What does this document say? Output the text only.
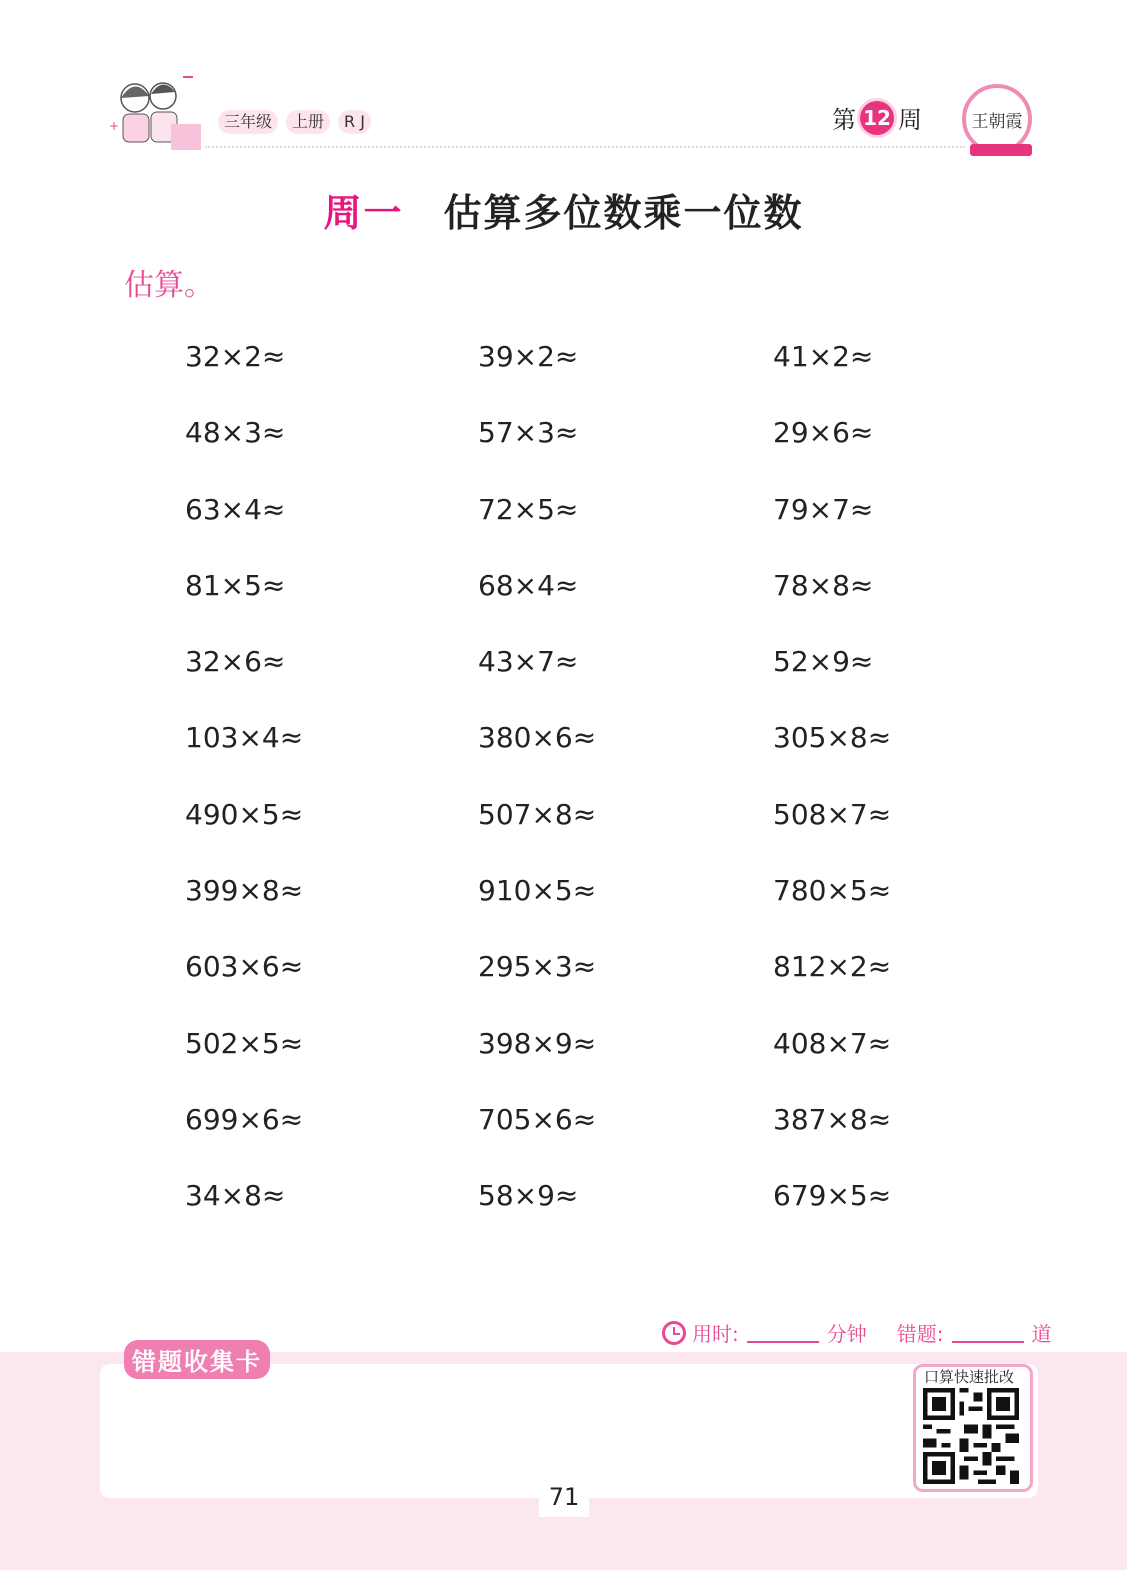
+	三年级	上册	R J	第 12 周	王朝霞
周一 估算多位数乘一位数
估算。
32×2≈	39×2≈	41×2≈
48×3≈	57×3≈	29×6≈
63×4≈	72×5≈	79×7≈
81×5≈	68×4≈	78×8≈
32×6≈	43×7≈	52×9≈
103×4≈	380×6≈	305×8≈
490×5≈	507×8≈	508×7≈
399×8≈	910×5≈	780×5≈
603×6≈	295×3≈	812×2≈
502×5≈	398×9≈	408×7≈
699×6≈	705×6≈	387×8≈
34×8≈	58×9≈	679×5≈
用时:	分钟 错题:	道
错题收集卡
口算快速批改
71
